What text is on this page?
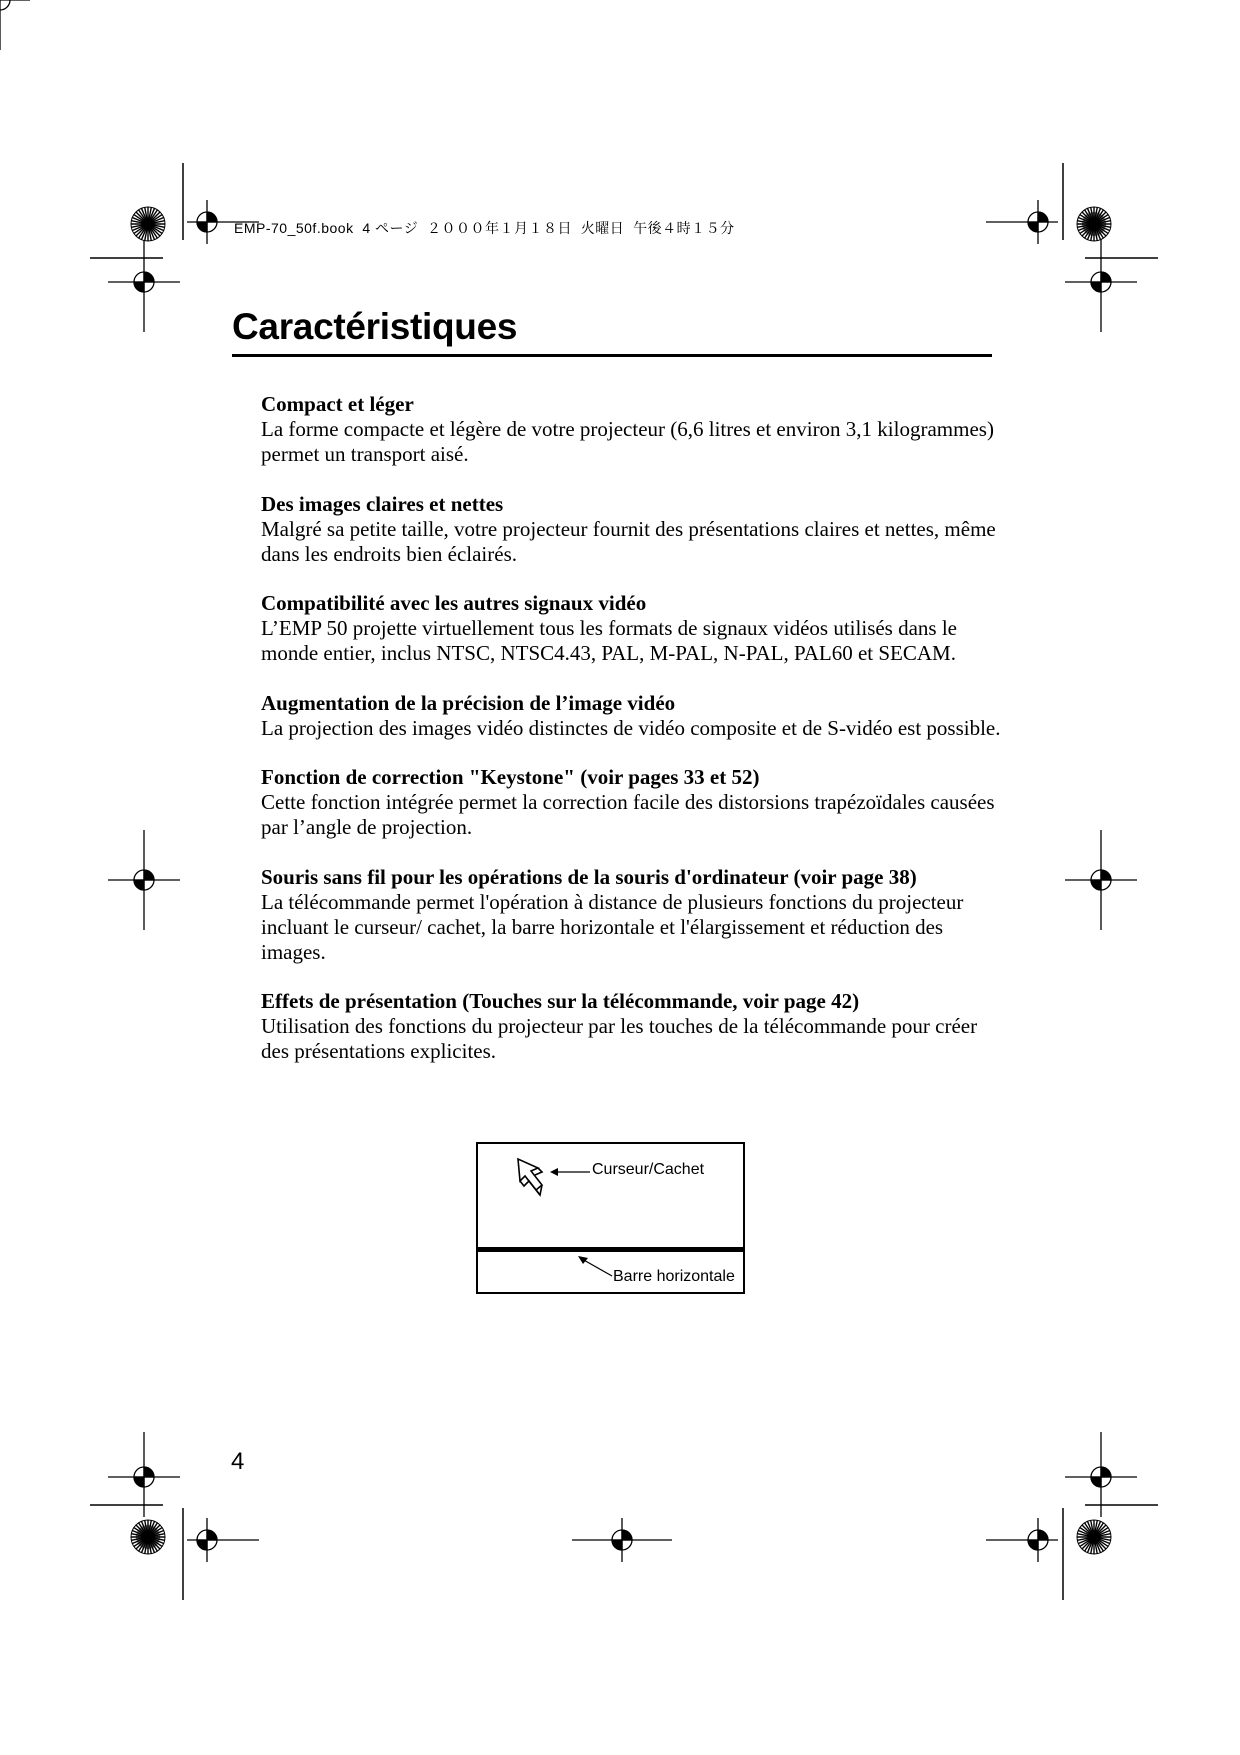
EMP-70_50f.book  4 ページ  ２０００年１月１８日  火曜日  午後４時１５分
Caractéristiques
Compact et léger

La forme compacte et légère de votre projecteur (6,6 litres et environ 3,1 kilogrammes) permet un transport aisé.

Des images claires et nettes

Malgré sa petite taille, votre projecteur fournit des présentations claires et nettes, même dans les endroits bien éclairés.

Compatibilité avec les autres signaux vidéo

L’EMP 50 projette virtuellement tous les formats de signaux vidéos utilisés dans le monde entier, inclus NTSC, NTSC4.43, PAL, M-PAL, N-PAL, PAL60 et SECAM.

Augmentation de la précision de l’image vidéo

La projection des images vidéo distinctes de vidéo composite et de S-vidéo est possible.

Fonction de correction "Keystone" (voir pages 33 et 52)

Cette fonction intégrée permet la correction facile des distorsions trapézoïdales causées par l’angle de projection.

Souris sans fil pour les opérations de la souris d'ordinateur (voir page 38)

La télécommande permet l'opération à distance de plusieurs fonctions du projecteur incluant le curseur/ cachet, la barre horizontale et l'élargissement et réduction des images.

Effets de présentation (Touches sur la télécommande, voir page 42)

Utilisation des fonctions du projecteur par les touches de la télécommande pour créer des présentations explicites.

Curseur/Cachet
Barre horizontale
4
